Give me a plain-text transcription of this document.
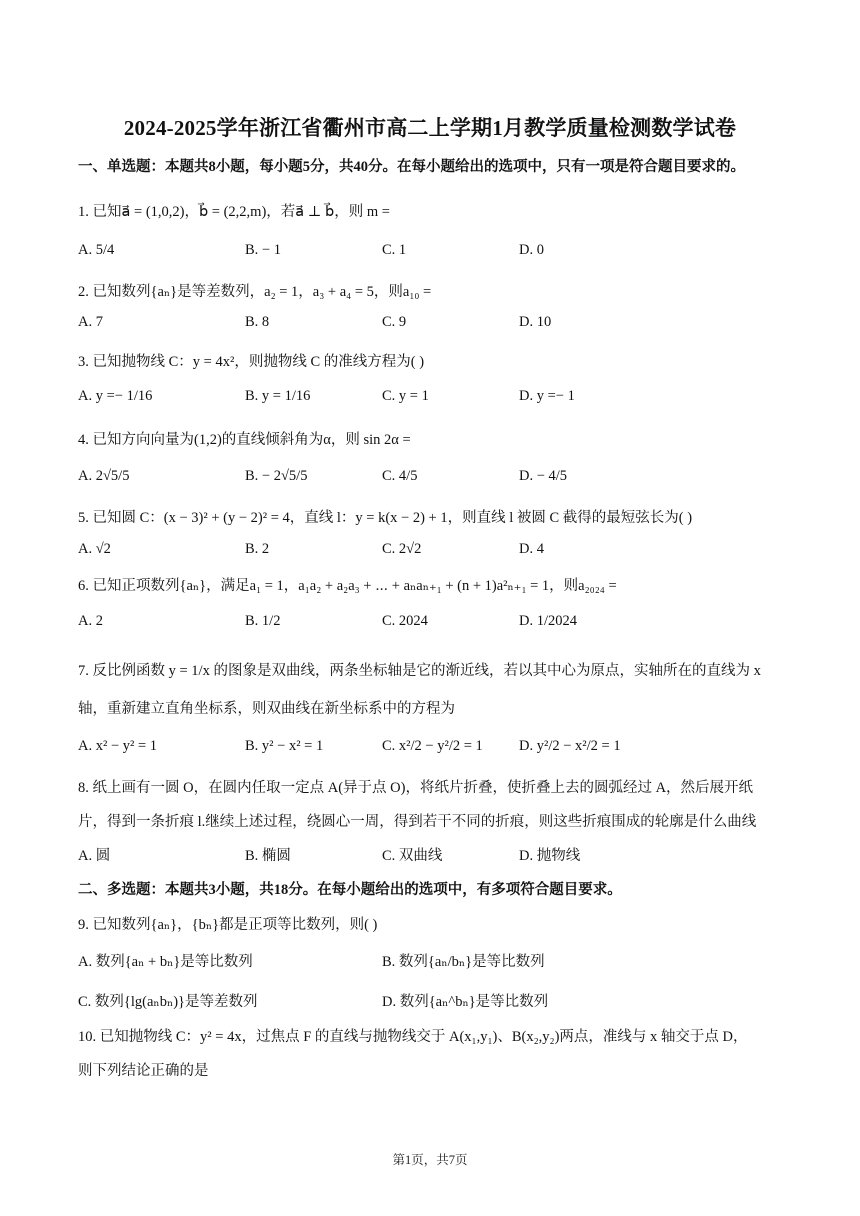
2024-2025学年浙江省衢州市高二上学期1月教学质量检测数学试卷
一、单选题：本题共8小题，每小题5分，共40分。在每小题给出的选项中，只有一项是符合题目要求的。
1. 已知a⃗ = (1,0,2)，b⃗ = (2,2,m)，若a⃗ ⊥ b⃗，则 m =
A. 5/4	B. − 1	C. 1	D. 0
2. 已知数列{aₙ}是等差数列，a₂ = 1，a₃ + a₄ = 5，则a₁₀ =
A. 7	B. 8	C. 9	D. 10
3. 已知抛物线 C：y = 4x²，则抛物线 C 的准线方程为( )
A. y =− 1/16	B. y = 1/16	C. y = 1	D. y =− 1
4. 已知方向向量为(1,2)的直线倾斜角为α，则 sin 2α =
A. 2√5/5	B. − 2√5/5	C. 4/5	D. − 4/5
5. 已知圆 C：(x − 3)² + (y − 2)² = 4，直线 l：y = k(x − 2) + 1，则直线 l 被圆 C 截得的最短弦长为( )
A. √2	B. 2	C. 2√2	D. 4
6. 已知正项数列{aₙ}，满足a₁ = 1，a₁a₂ + a₂a₃ + ⋯ + aₙaₙ₊₁ + (n + 1)a²ₙ₊₁ = 1，则a₂₀₂₄ =
A. 2	B. 1/2	C. 2024	D. 1/2024
7. 反比例函数 y = 1/x 的图象是双曲线，两条坐标轴是它的渐近线，若以其中心为原点，实轴所在的直线为 x
轴，重新建立直角坐标系，则双曲线在新坐标系中的方程为
A. x² − y² = 1	B. y² − x² = 1	C. x²/2 − y²/2 = 1 D. y²/2 − x²/2 = 1
8. 纸上画有一圆 O，在圆内任取一定点 A(异于点 O)，将纸片折叠，使折叠上去的圆弧经过 A，然后展开纸
片，得到一条折痕 l.继续上述过程，绕圆心一周，得到若干不同的折痕，则这些折痕围成的轮廓是什么曲线
A. 圆	B. 椭圆	C. 双曲线	D. 抛物线
二、多选题：本题共3小题，共18分。在每小题给出的选项中，有多项符合题目要求。
9. 已知数列{aₙ}，{bₙ}都是正项等比数列，则( )
A. 数列{aₙ + bₙ}是等比数列	B. 数列{aₙ/bₙ}是等比数列
C. 数列{lg(aₙbₙ)}是等差数列	D. 数列{aₙ^bₙ}是等比数列
10. 已知抛物线 C：y² = 4x，过焦点 F 的直线与抛物线交于 A(x₁,y₁)、B(x₂,y₂)两点，准线与 x 轴交于点 D，
则下列结论正确的是
第1页，共7页
